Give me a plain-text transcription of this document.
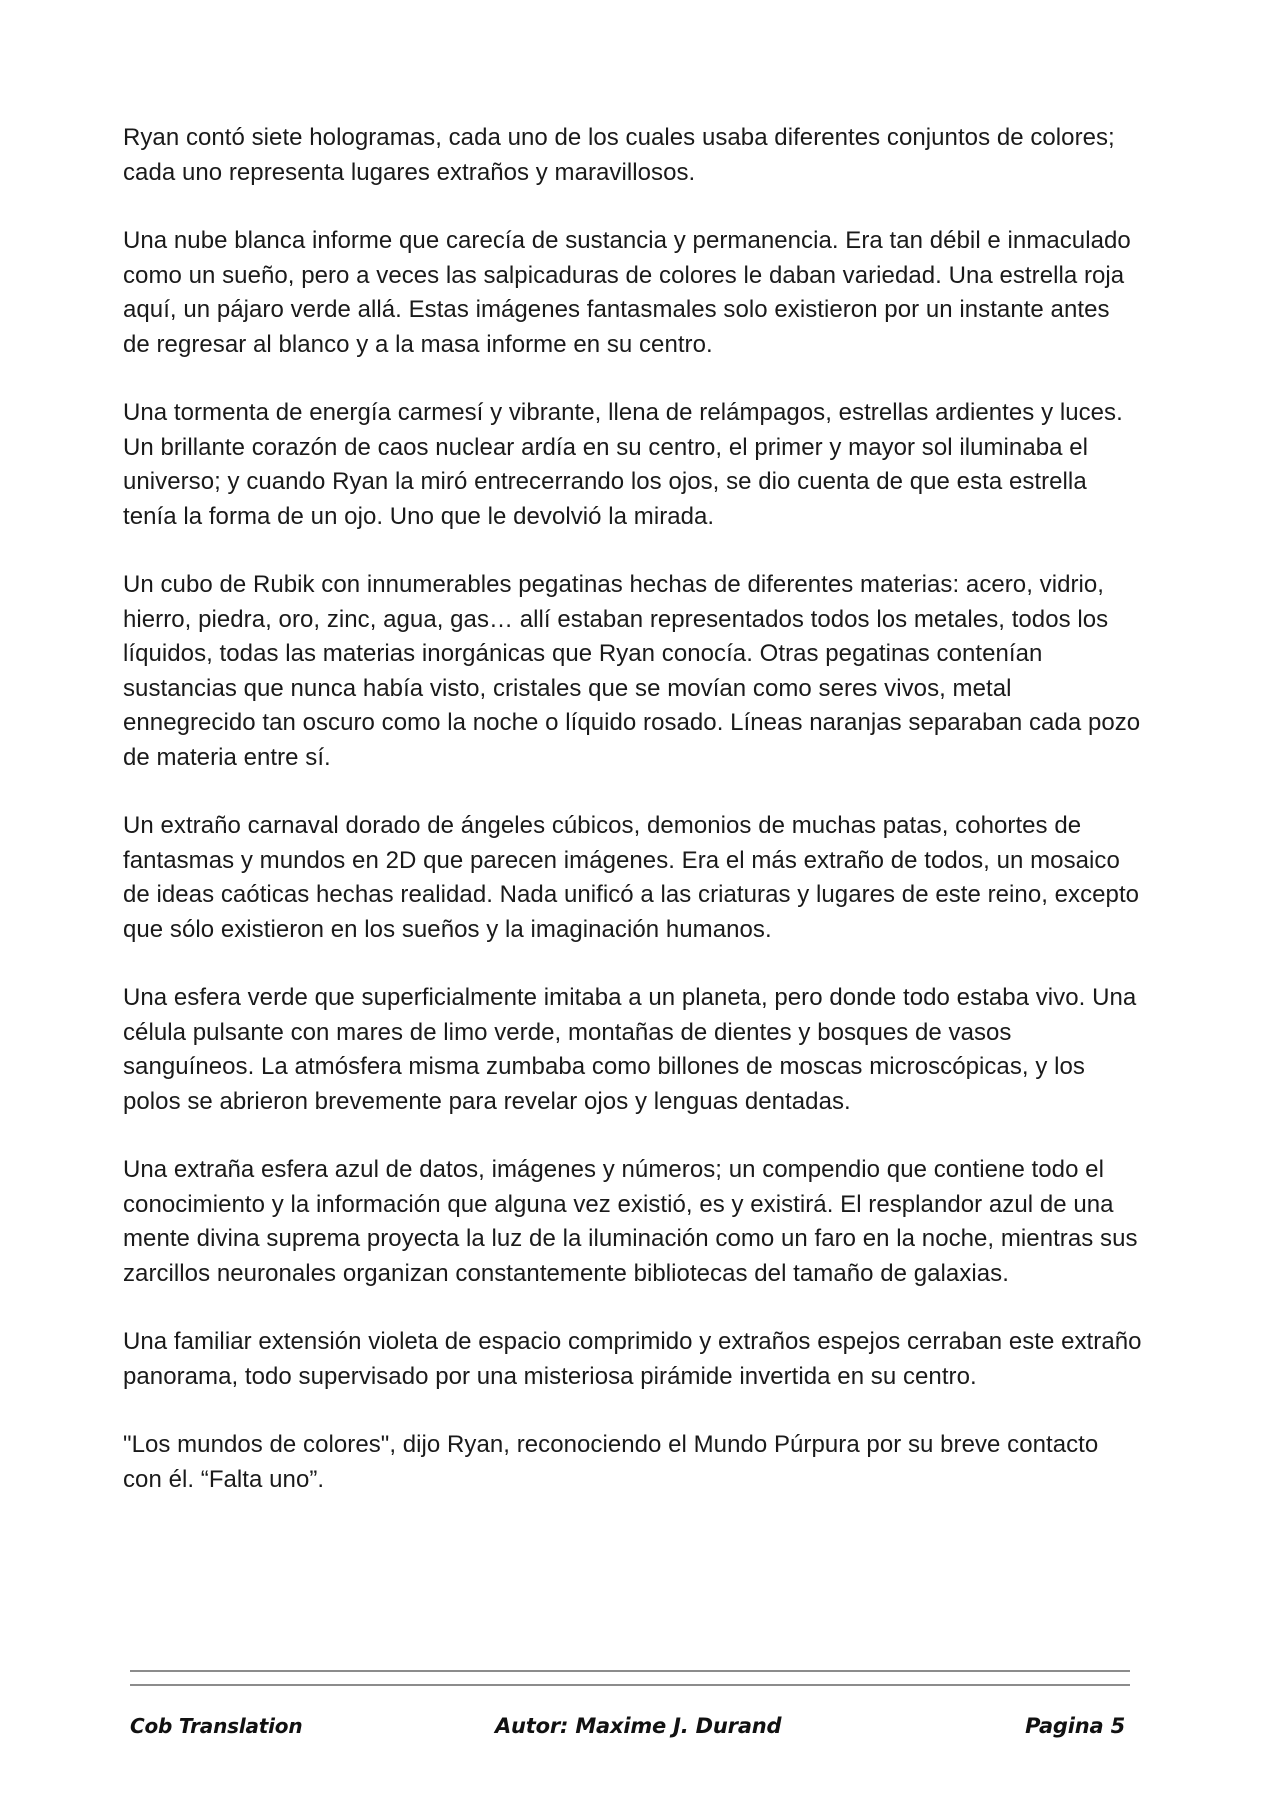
Ryan contó siete hologramas, cada uno de los cuales usaba diferentes conjuntos de colores; cada uno representa lugares extraños y maravillosos.

Una nube blanca informe que carecía de sustancia y permanencia. Era tan débil e inmaculado como un sueño, pero a veces las salpicaduras de colores le daban variedad. Una estrella roja aquí, un pájaro verde allá. Estas imágenes fantasmales solo existieron por un instante antes de regresar al blanco y a la masa informe en su centro.

Una tormenta de energía carmesí y vibrante, llena de relámpagos, estrellas ardientes y luces. Un brillante corazón de caos nuclear ardía en su centro, el primer y mayor sol iluminaba el universo; y cuando Ryan la miró entrecerrando los ojos, se dio cuenta de que esta estrella tenía la forma de un ojo. Uno que le devolvió la mirada.

Un cubo de Rubik con innumerables pegatinas hechas de diferentes materias: acero, vidrio, hierro, piedra, oro, zinc, agua, gas… allí estaban representados todos los metales, todos los líquidos, todas las materias inorgánicas que Ryan conocía. Otras pegatinas contenían sustancias que nunca había visto, cristales que se movían como seres vivos, metal ennegrecido tan oscuro como la noche o líquido rosado. Líneas naranjas separaban cada pozo de materia entre sí.

Un extraño carnaval dorado de ángeles cúbicos, demonios de muchas patas, cohortes de fantasmas y mundos en 2D que parecen imágenes. Era el más extraño de todos, un mosaico de ideas caóticas hechas realidad. Nada unificó a las criaturas y lugares de este reino, excepto que sólo existieron en los sueños y la imaginación humanos.

Una esfera verde que superficialmente imitaba a un planeta, pero donde todo estaba vivo. Una célula pulsante con mares de limo verde, montañas de dientes y bosques de vasos sanguíneos. La atmósfera misma zumbaba como billones de moscas microscópicas, y los polos se abrieron brevemente para revelar ojos y lenguas dentadas.

Una extraña esfera azul de datos, imágenes y números; un compendio que contiene todo el conocimiento y la información que alguna vez existió, es y existirá. El resplandor azul de una mente divina suprema proyecta la luz de la iluminación como un faro en la noche, mientras sus zarcillos neuronales organizan constantemente bibliotecas del tamaño de galaxias.

Una familiar extensión violeta de espacio comprimido y extraños espejos cerraban este extraño panorama, todo supervisado por una misteriosa pirámide invertida en su centro.

"Los mundos de colores", dijo Ryan, reconociendo el Mundo Púrpura por su breve contacto con él. “Falta uno”.

Cob Translation	Autor: Maxime J. Durand	Pagina 5
